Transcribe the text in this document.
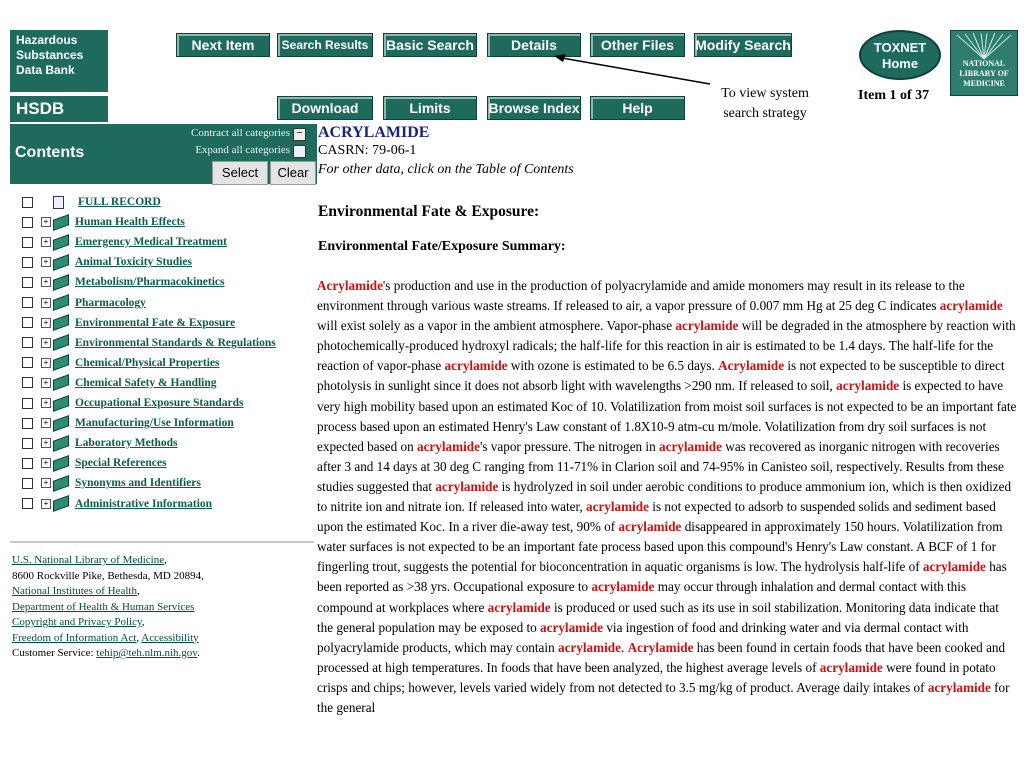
Hazardous
Substances
Data Bank
HSDB
Next Item	Search Results	Basic Search	Details	Other Files	Modify Search
Download	Limits	Browse Index	Help
To view system
search strategy
TOXNET
Home
Item 1 of 37
NATIONAL
LIBRARY OF
MEDICINE
Contents
Contract all categories −
Expand all categories
Select	Clear
FULL RECORD
+ Human Health Effects
+ Emergency Medical Treatment
+ Animal Toxicity Studies
+ Metabolism/Pharmacokinetics
+ Pharmacology
+ Environmental Fate & Exposure
+ Environmental Standards & Regulations
+ Chemical/Physical Properties
+ Chemical Safety & Handling
+ Occupational Exposure Standards
+ Manufacturing/Use Information
+ Laboratory Methods
+ Special References
+ Synonyms and Identifiers
+ Administrative Information
U.S. National Library of Medicine,
8600 Rockville Pike, Bethesda, MD 20894,
National Institutes of Health,
Department of Health & Human Services
Copyright and Privacy Policy,
Freedom of Information Act, Accessibility
Customer Service: tehip@teh.nlm.nih.gov.
ACRYLAMIDE
CASRN: 79-06-1
For other data, click on the Table of Contents
Environmental Fate & Exposure:
Environmental Fate/Exposure Summary:
Acrylamide's production and use in the production of polyacrylamide and amide monomers may result in its release to the environment through various waste streams. If released to air, a vapor pressure of 0.007 mm Hg at 25 deg C indicates acrylamide will exist solely as a vapor in the ambient atmosphere. Vapor-phase acrylamide will be degraded in the atmosphere by reaction with photochemically-produced hydroxyl radicals; the half-life for this reaction in air is estimated to be 1.4 days. The half-life for the reaction of vapor-phase acrylamide with ozone is estimated to be 6.5 days. Acrylamide is not expected to be susceptible to direct photolysis in sunlight since it does not absorb light with wavelengths >290 nm. If released to soil, acrylamide is expected to have very high mobility based upon an estimated Koc of 10. Volatilization from moist soil surfaces is not expected to be an important fate process based upon an estimated Henry's Law constant of 1.8X10-9 atm-cu m/mole. Volatilization from dry soil surfaces is not expected based on acrylamide's vapor pressure. The nitrogen in acrylamide was recovered as inorganic nitrogen with recoveries after 3 and 14 days at 30 deg C ranging from 11-71% in Clarion soil and 74-95% in Canisteo soil, respectively. Results from these studies suggested that acrylamide is hydrolyzed in soil under aerobic conditions to produce ammonium ion, which is then oxidized to nitrite ion and nitrate ion. If released into water, acrylamide is not expected to adsorb to suspended solids and sediment based upon the estimated Koc. In a river die-away test, 90% of acrylamide disappeared in approximately 150 hours. Volatilization from water surfaces is not expected to be an important fate process based upon this compound's Henry's Law constant. A BCF of 1 for fingerling trout, suggests the potential for bioconcentration in aquatic organisms is low. The hydrolysis half-life of acrylamide has been reported as >38 yrs. Occupational exposure to acrylamide may occur through inhalation and dermal contact with this compound at workplaces where acrylamide is produced or used such as its use in soil stabilization. Monitoring data indicate that the general population may be exposed to acrylamide via ingestion of food and drinking water and via dermal contact with polyacrylamide products, which may contain acrylamide. Acrylamide has been found in certain foods that have been cooked and processed at high temperatures. In foods that have been analyzed, the highest average levels of acrylamide were found in potato crisps and chips; however, levels varied widely from not detected to 3.5 mg/kg of product. Average daily intakes of acrylamide for the general
